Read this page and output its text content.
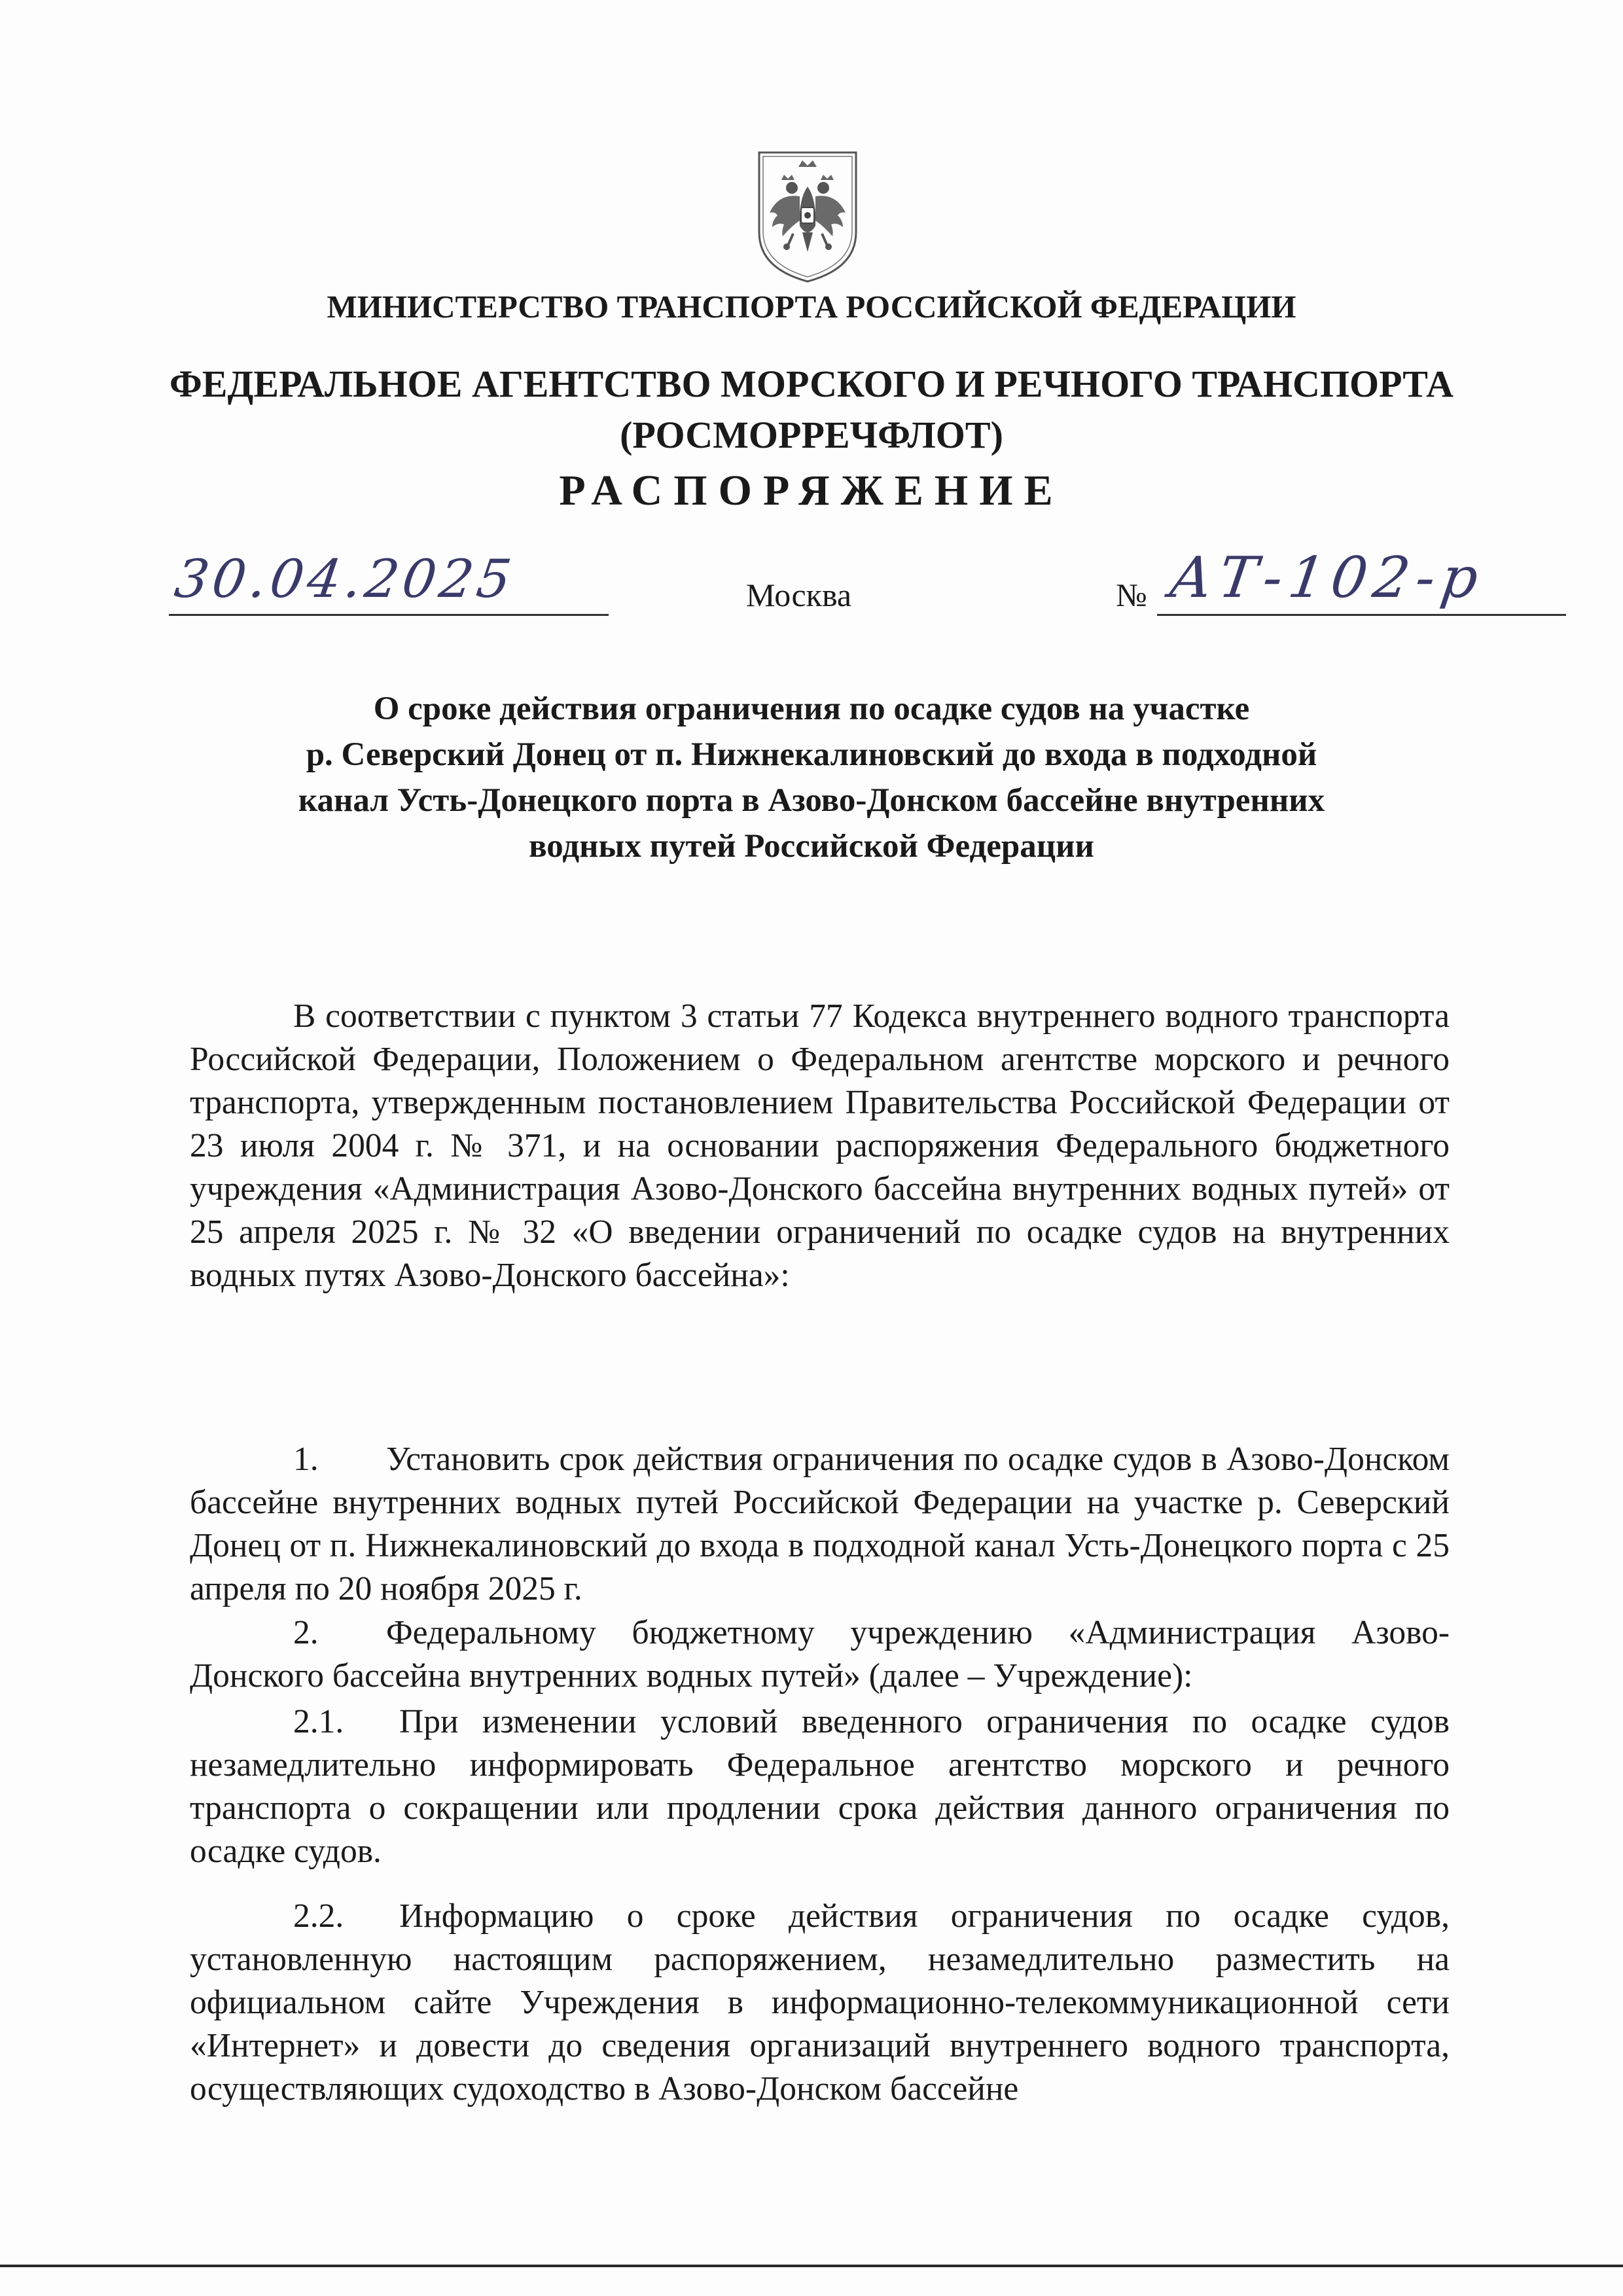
МИНИСТЕРСТВО ТРАНСПОРТА РОССИЙСКОЙ ФЕДЕРАЦИИ
ФЕДЕРАЛЬНОЕ АГЕНТСТВО МОРСКОГО И РЕЧНОГО ТРАНСПОРТА
(РОСМОРРЕЧФЛОТ)
РАСПОРЯЖЕНИЕ
30.04.2025	Москва	№ АТ-102-р
О сроке действия ограничения по осадке судов на участке
р. Северский Донец от п. Нижнекалиновский до входа в подходной
канал Усть-Донецкого порта в Азово-Донском бассейне внутренних
водных путей Российской Федерации
В соответствии с пунктом 3 статьи 77 Кодекса внутреннего водного транспорта Российской Федерации, Положением о Федеральном агентстве морского и речного транспорта, утвержденным постановлением Правительства Российской Федерации от 23 июля 2004 г. № 371, и на основании распоряжения Федерального бюджетного учреждения «Администрация Азово-Донского бассейна внутренних водных путей» от 25 апреля 2025 г. № 32 «О введении ограничений по осадке судов на внутренних водных путях Азово-Донского бассейна»:
1. Установить срок действия ограничения по осадке судов в Азово-Донском бассейне внутренних водных путей Российской Федерации на участке р. Северский Донец от п. Нижнекалиновский до входа в подходной канал Усть-Донецкого порта с 25 апреля по 20 ноября 2025 г.
2. Федеральному бюджетному учреждению «Администрация Азово-Донского бассейна внутренних водных путей» (далее – Учреждение):
2.1. При изменении условий введенного ограничения по осадке судов незамедлительно информировать Федеральное агентство морского и речного транспорта о сокращении или продлении срока действия данного ограничения по осадке судов.
2.2. Информацию о сроке действия ограничения по осадке судов, установленную настоящим распоряжением, незамедлительно разместить на официальном сайте Учреждения в информационно-телекоммуникационной сети «Интернет» и довести до сведения организаций внутреннего водного транспорта, осуществляющих судоходство в Азово-Донском бассейне
